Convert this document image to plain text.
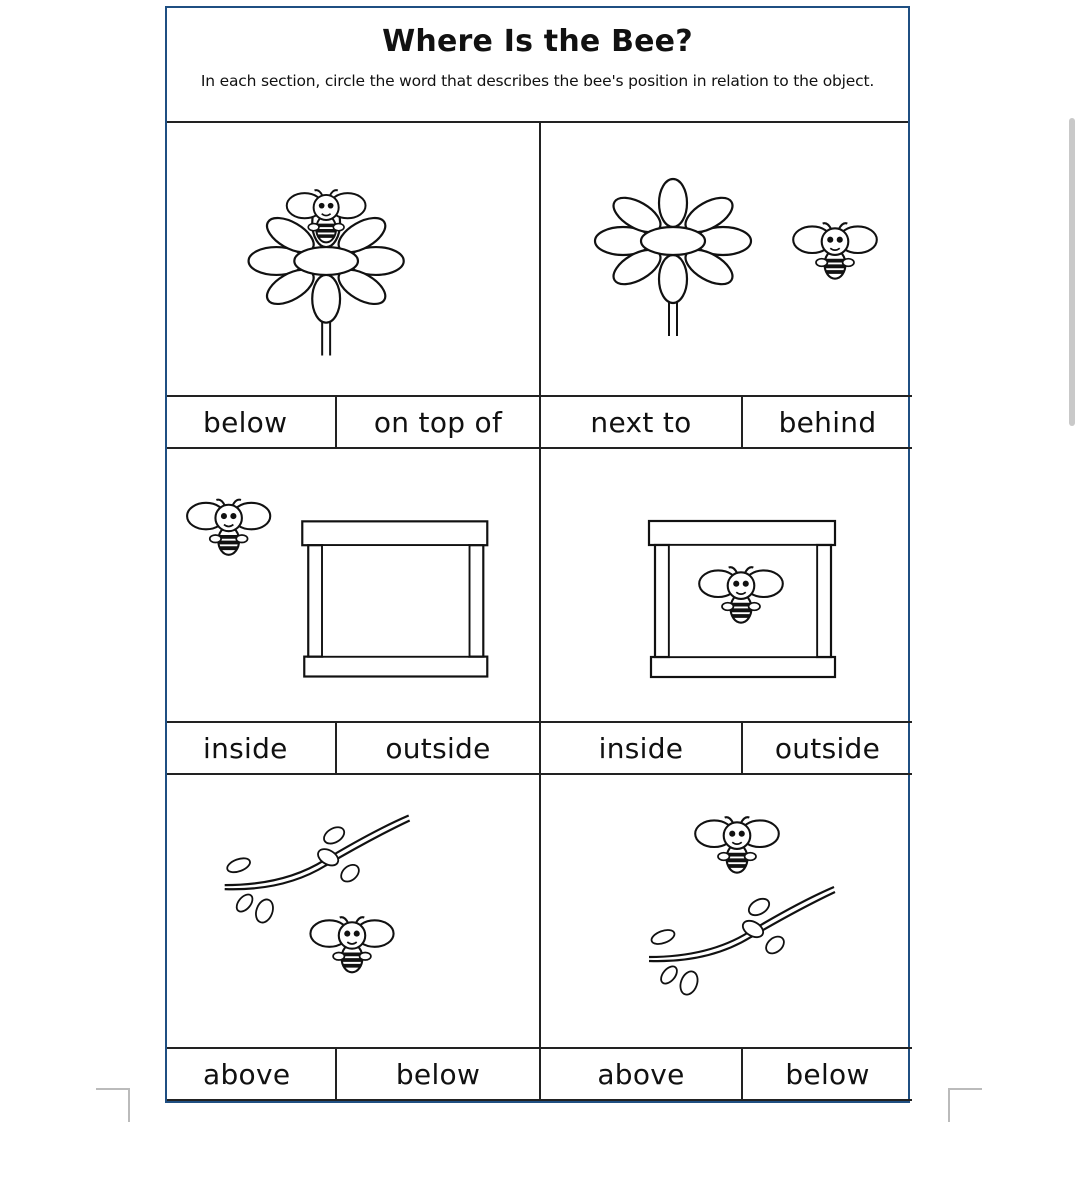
Where Is the Bee?
In each section, circle the word that describes the bee's position in relation to the object.
below	on top of	next to	behind
inside	outside	inside	outside
above	below	above	below
